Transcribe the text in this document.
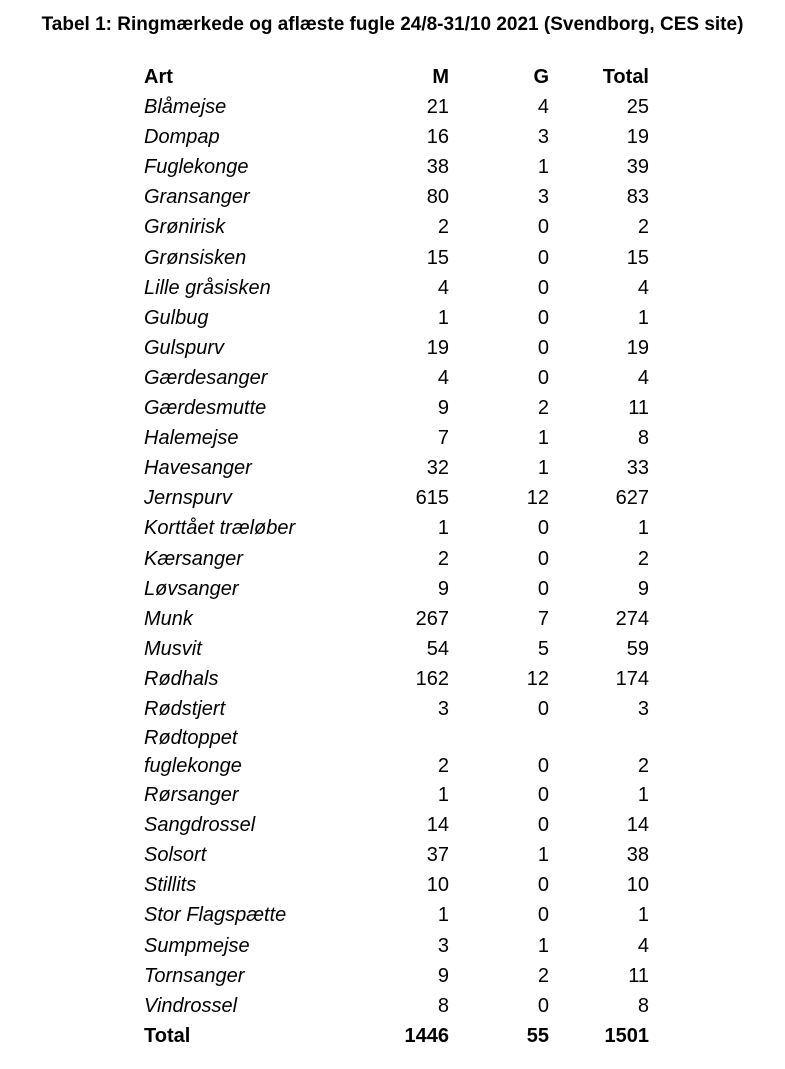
Tabel 1: Ringmærkede og aflæste fugle 24/8-31/10 2021 (Svendborg, CES site)
Art	M	G	Total
Blåmejse	21	4	25
Dompap	16	3	19
Fuglekonge	38	1	39
Gransanger	80	3	83
Grønirisk	2	0	2
Grønsisken	15	0	15
Lille gråsisken	4	0	4
Gulbug	1	0	1
Gulspurv	19	0	19
Gærdesanger	4	0	4
Gærdesmutte	9	2	11
Halemejse	7	1	8
Havesanger	32	1	33
Jernspurv	615	12	627
Korttået træløber	1	0	1
Kærsanger	2	0	2
Løvsanger	9	0	9
Munk	267	7	274
Musvit	54	5	59
Rødhals	162	12	174
Rødstjert	3	0	3

Rødtoppet
fuglekonge	2	0	2
Rørsanger	1	0	1
Sangdrossel	14	0	14
Solsort	37	1	38
Stillits	10	0	10
Stor Flagspætte	1	0	1
Sumpmejse	3	1	4
Tornsanger	9	2	11
Vindrossel	8	0	8
Total	1446	55	1501
